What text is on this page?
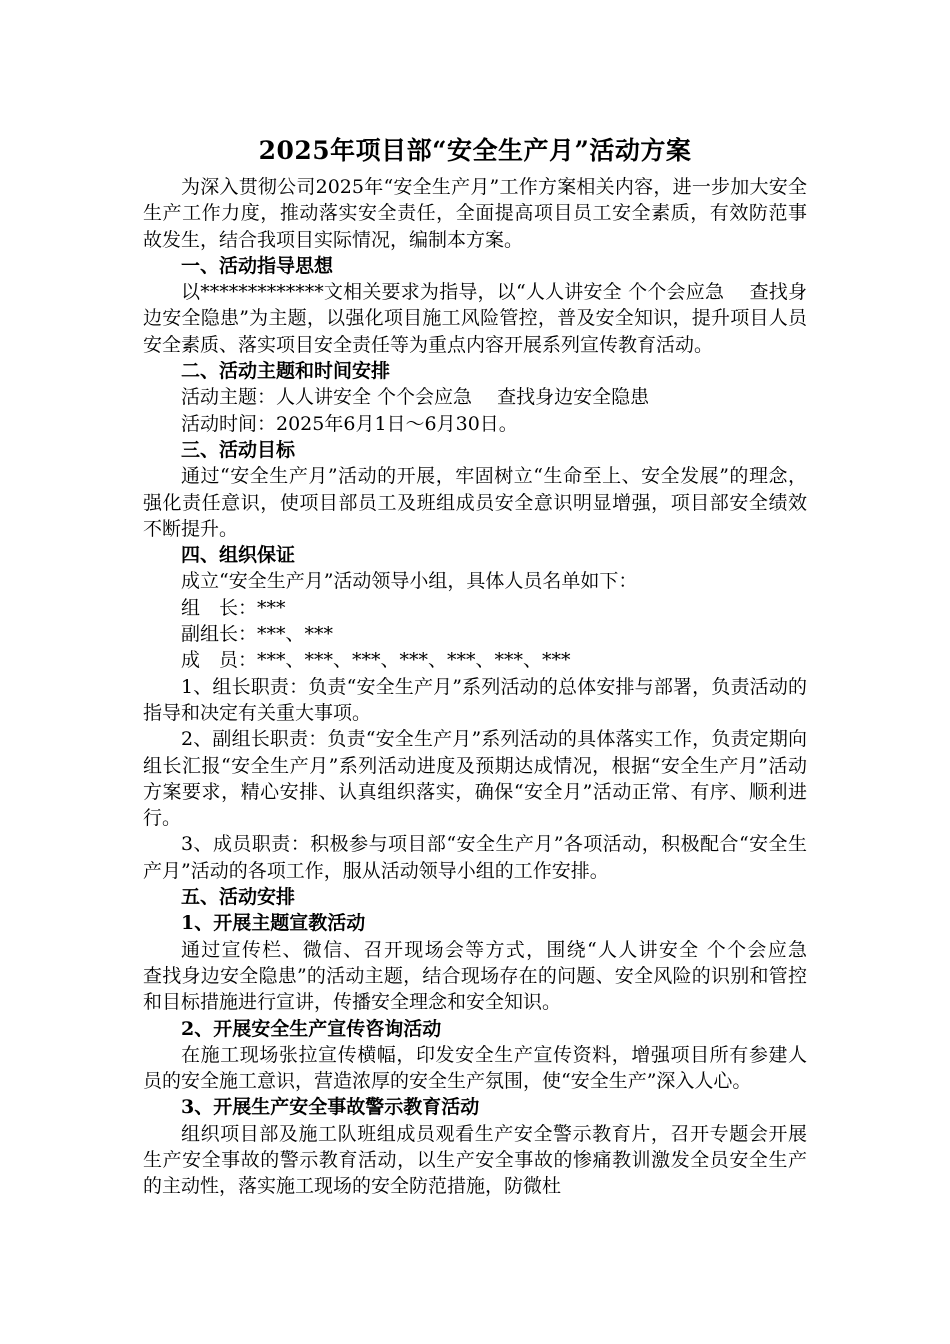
2025年项目部“安全生产月”活动方案

为深入贯彻公司2025年“安全生产月”工作方案相关内容，进一步加大安全生产工作力度，推动落实安全责任，全面提高项目员工安全素质，有效防范事故发生，结合我项目实际情况，编制本方案。

一、活动指导思想

以*************文相关要求为指导，以“人人讲安全 个个会应急　 查找身边安全隐患”为主题，以强化项目施工风险管控，普及安全知识，提升项目人员安全素质、落实项目安全责任等为重点内容开展系列宣传教育活动。

二、活动主题和时间安排

活动主题：人人讲安全 个个会应急　 查找身边安全隐患

活动时间：2025年6月1日～6月30日。

三、活动目标

通过“安全生产月”活动的开展，牢固树立“生命至上、安全发展”的理念，强化责任意识，使项目部员工及班组成员安全意识明显增强，项目部安全绩效不断提升。

四、组织保证

成立“安全生产月”活动领导小组，具体人员名单如下：

组　长：***

副组长：***、***

成　员：***、***、***、***、***、***、***

1、组长职责：负责“安全生产月”系列活动的总体安排与部署，负责活动的指导和决定有关重大事项。

2、副组长职责：负责“安全生产月”系列活动的具体落实工作，负责定期向组长汇报“安全生产月”系列活动进度及预期达成情况，根据“安全生产月”活动方案要求，精心安排、认真组织落实，确保“安全月”活动正常、有序、顺利进行。

3、成员职责：积极参与项目部“安全生产月”各项活动，积极配合“安全生产月”活动的各项工作，服从活动领导小组的工作安排。

五、活动安排

1、开展主题宣教活动

通过宣传栏、微信、召开现场会等方式，围绕“人人讲安全 个个会应急　 查找身边安全隐患”的活动主题，结合现场存在的问题、安全风险的识别和管控和目标措施进行宣讲，传播安全理念和安全知识。

2、开展安全生产宣传咨询活动

在施工现场张拉宣传横幅，印发安全生产宣传资料，增强项目所有参建人员的安全施工意识，营造浓厚的安全生产氛围，使“安全生产”深入人心。

3、开展生产安全事故警示教育活动

组织项目部及施工队班组成员观看生产安全警示教育片，召开专题会开展生产安全事故的警示教育活动，以生产安全事故的惨痛教训激发全员安全生产的主动性，落实施工现场的安全防范措施，防微杜
